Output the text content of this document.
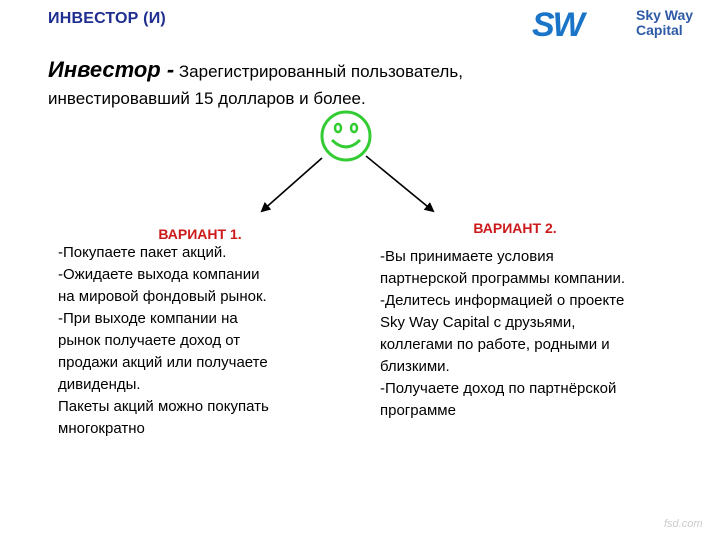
ИНВЕСТОР (И)	SW	Sky Way
Capital
Инвестор - Зарегистрированный пользователь,
инвестировавший 15 долларов и более.
ВАРИАНТ 1.
-Покупаете пакет акций.
-Ожидаете выхода компании
на мировой фондовый рынок.
-При выходе компании на
рынок получаете доход от
продажи акций или получаете
дивиденды.
Пакеты акций можно покупать
многократно
ВАРИАНТ 2.
-Вы принимаете условия
партнерской программы компании.
-Делитесь информацией о проекте
Sky Way Capital с друзьями,
коллегами по работе, родными и
близкими.
-Получаете доход по партнёрской
программе
fsd.com
